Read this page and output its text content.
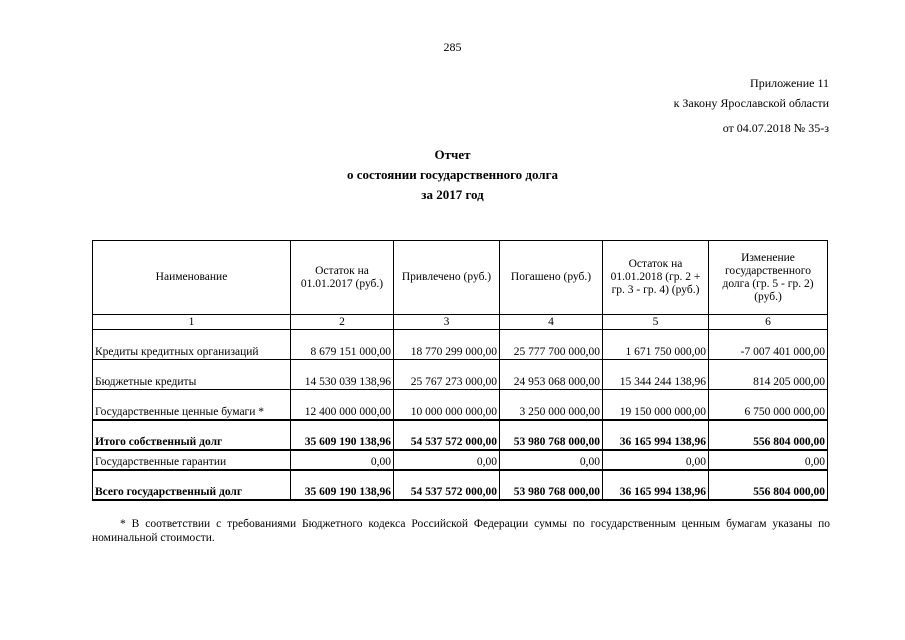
285
Приложение 11
к Закону Ярославской области
от 04.07.2018 № 35-з
Отчет
о состоянии государственного долга
за 2017 год
Наименование	Остаток на 01.01.2017 (руб.)	Привлечено (руб.)	Погашено (руб.)	Остаток на 01.01.2018 (гр. 2 + гр. 3 - гр. 4) (руб.)	Изменение государственного долга (гр. 5 - гр. 2) (руб.)
1	2	3	4	5	6
Кредиты кредитных организаций	8 679 151 000,00	18 770 299 000,00	25 777 700 000,00	1 671 750 000,00	-7 007 401 000,00
Бюджетные кредиты	14 530 039 138,96	25 767 273 000,00	24 953 068 000,00	15 344 244 138,96	814 205 000,00
Государственные ценные бумаги *	12 400 000 000,00	10 000 000 000,00	3 250 000 000,00	19 150 000 000,00	6 750 000 000,00
Итого собственный долг	35 609 190 138,96	54 537 572 000,00	53 980 768 000,00	36 165 994 138,96	556 804 000,00
Государственные гарантии	0,00	0,00	0,00	0,00	0,00
Всего государственный долг	35 609 190 138,96	54 537 572 000,00	53 980 768 000,00	36 165 994 138,96	556 804 000,00
* В соответствии с требованиями Бюджетного кодекса Российской Федерации суммы по государственным ценным бумагам указаны по номинальной стоимости.
